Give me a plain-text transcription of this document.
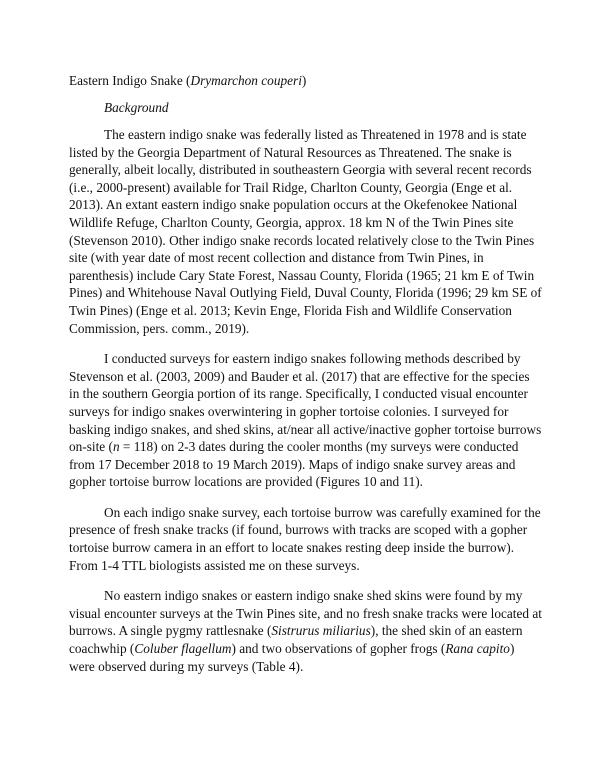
Eastern Indigo Snake (Drymarchon couperi)
Background

The eastern indigo snake was federally listed as Threatened in 1978 and is state listed by the Georgia Department of Natural Resources as Threatened. The snake is generally, albeit locally, distributed in southeastern Georgia with several recent records (i.e., 2000-present) available for Trail Ridge, Charlton County, Georgia (Enge et al. 2013). An extant eastern indigo snake population occurs at the Okefenokee National Wildlife Refuge, Charlton County, Georgia, approx. 18 km N of the Twin Pines site (Stevenson 2010). Other indigo snake records located relatively close to the Twin Pines site (with year date of most recent collection and distance from Twin Pines, in parenthesis) include Cary State Forest, Nassau County, Florida (1965; 21 km E of Twin Pines) and Whitehouse Naval Outlying Field, Duval County, Florida (1996; 29 km SE of Twin Pines) (Enge et al. 2013; Kevin Enge, Florida Fish and Wildlife Conservation Commission, pers. comm., 2019).

I conducted surveys for eastern indigo snakes following methods described by Stevenson et al. (2003, 2009) and Bauder et al. (2017) that are effective for the species in the southern Georgia portion of its range. Specifically, I conducted visual encounter surveys for indigo snakes overwintering in gopher tortoise colonies. I surveyed for basking indigo snakes, and shed skins, at/near all active/inactive gopher tortoise burrows on-site (n = 118) on 2-3 dates during the cooler months (my surveys were conducted from 17 December 2018 to 19 March 2019). Maps of indigo snake survey areas and gopher tortoise burrow locations are provided (Figures 10 and 11).

On each indigo snake survey, each tortoise burrow was carefully examined for the presence of fresh snake tracks (if found, burrows with tracks are scoped with a gopher tortoise burrow camera in an effort to locate snakes resting deep inside the burrow). From 1-4 TTL biologists assisted me on these surveys.

No eastern indigo snakes or eastern indigo snake shed skins were found by my visual encounter surveys at the Twin Pines site, and no fresh snake tracks were located at burrows. A single pygmy rattlesnake (Sistrurus miliarius), the shed skin of an eastern coachwhip (Coluber flagellum) and two observations of gopher frogs (Rana capito) were observed during my surveys (Table 4).
